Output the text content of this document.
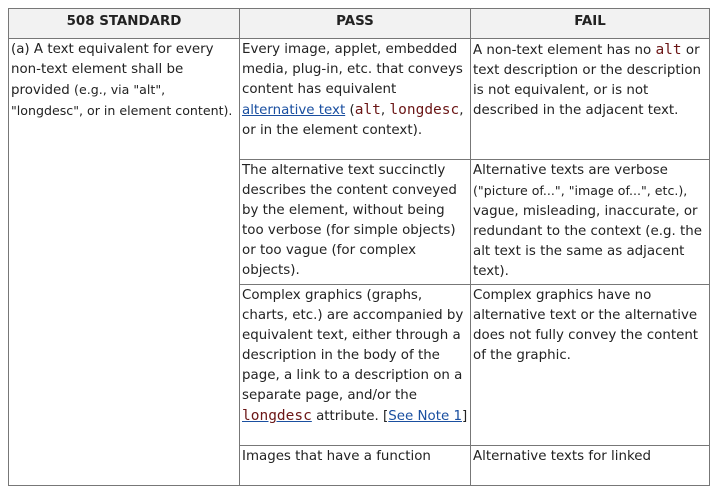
508 STANDARD	PASS	FAIL
(a) A text equivalent for every non-text element shall be provided (e.g., via "alt", "longdesc", or in element content).	Every image, applet, embedded media, plug-in, etc. that conveys content has equivalent alternative text (alt, longdesc, or in the element context).	A non-text element has no alt or text description or the description is not equivalent, or is not described in the adjacent text.
	The alternative text succinctly describes the content conveyed by the element, without being too verbose (for simple objects) or too vague (for complex objects).	Alternative texts are verbose ("picture of...", "image of...", etc.), vague, misleading, inaccurate, or redundant to the context (e.g. the alt text is the same as adjacent text).
	Complex graphics (graphs, charts, etc.) are accompanied by equivalent text, either through a description in the body of the page, a link to a description on a separate page, and/or the longdesc attribute. [See Note 1]	Complex graphics have no alternative text or the alternative does not fully convey the content of the graphic.
	Images that have a function	Alternative texts for linked
